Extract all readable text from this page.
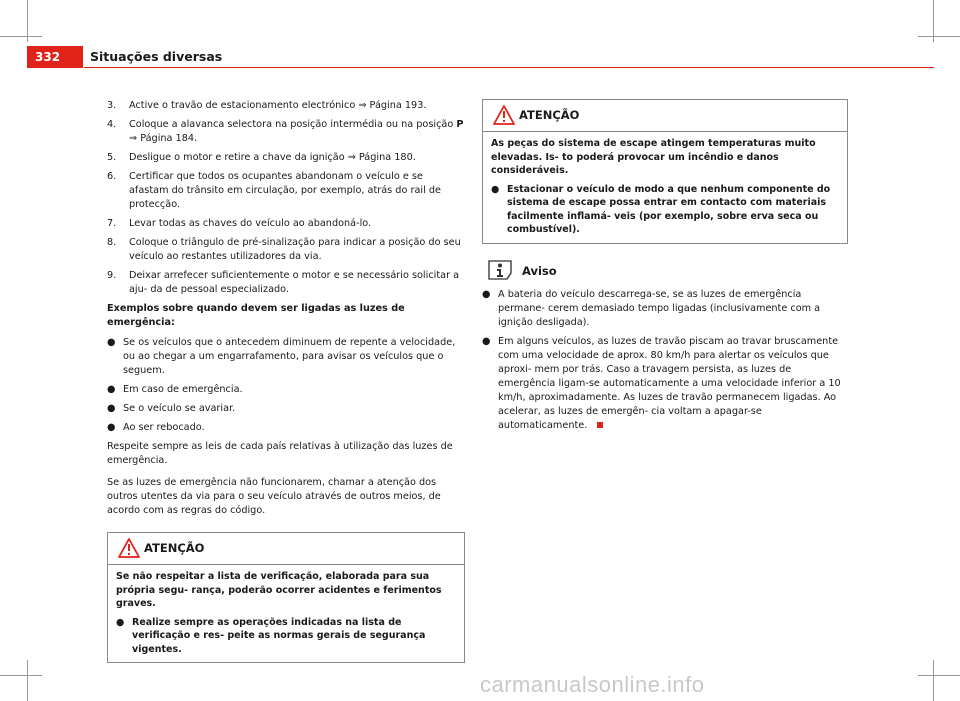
332	Situações diversas
3.	Active o travão de estacionamento electrónico ⇒ Página 193.
4.	Coloque a alavanca selectora na posição intermédia ou na posição P ⇒ Página 184.
5.	Desligue o motor e retire a chave da ignição ⇒ Página 180.
6.	Certificar que todos os ocupantes abandonam o veículo e se afastam do trânsito em circulação, por exemplo, atrás do rail de protecção.
7.	Levar todas as chaves do veículo ao abandoná-lo.
8.	Coloque o triângulo de pré-sinalização para indicar a posição do seu veículo ao restantes utilizadores da via.
9.	Deixar arrefecer suficientemente o motor e se necessário solicitar a aju- da de pessoal especializado.

Exemplos sobre quando devem ser ligadas as luzes de emergência:

● Se os veículos que o antecedem diminuem de repente a velocidade, ou ao chegar a um engarrafamento, para avisar os veículos que o seguem.
● Em caso de emergência.
● Se o veículo se avariar.
● Ao ser rebocado.

Respeite sempre as leis de cada país relativas à utilização das luzes de emergência.

Se as luzes de emergência não funcionarem, chamar a atenção dos outros utentes da via para o seu veículo através de outros meios, de acordo com as regras do código.

ATENÇÃO

Se não respeitar a lista de verificação, elaborada para sua própria segu- rança, poderão ocorrer acidentes e ferimentos graves.

● Realize sempre as operações indicadas na lista de verificação e res- peite as normas gerais de segurança vigentes.
ATENÇÃO

As peças do sistema de escape atingem temperaturas muito elevadas. Is- to poderá provocar um incêndio e danos consideráveis.

● Estacionar o veículo de modo a que nenhum componente do sistema de escape possa entrar em contacto com materiais facilmente inflamá- veis (por exemplo, sobre erva seca ou combustível).
Aviso
● A bateria do veículo descarrega-se, se as luzes de emergência permane- cerem demasiado tempo ligadas (inclusivamente com a ignição desligada).
● Em alguns veículos, as luzes de travão piscam ao travar bruscamente com uma velocidade de aprox. 80 km/h para alertar os veículos que aproxi- mem por trás. Caso a travagem persista, as luzes de emergência ligam-se automaticamente a uma velocidade inferior a 10 km/h, aproximadamente. As luzes de travão permanecem ligadas. Ao acelerar, as luzes de emergên- cia voltam a apagar-se automaticamente.
carmanualsonline.info
